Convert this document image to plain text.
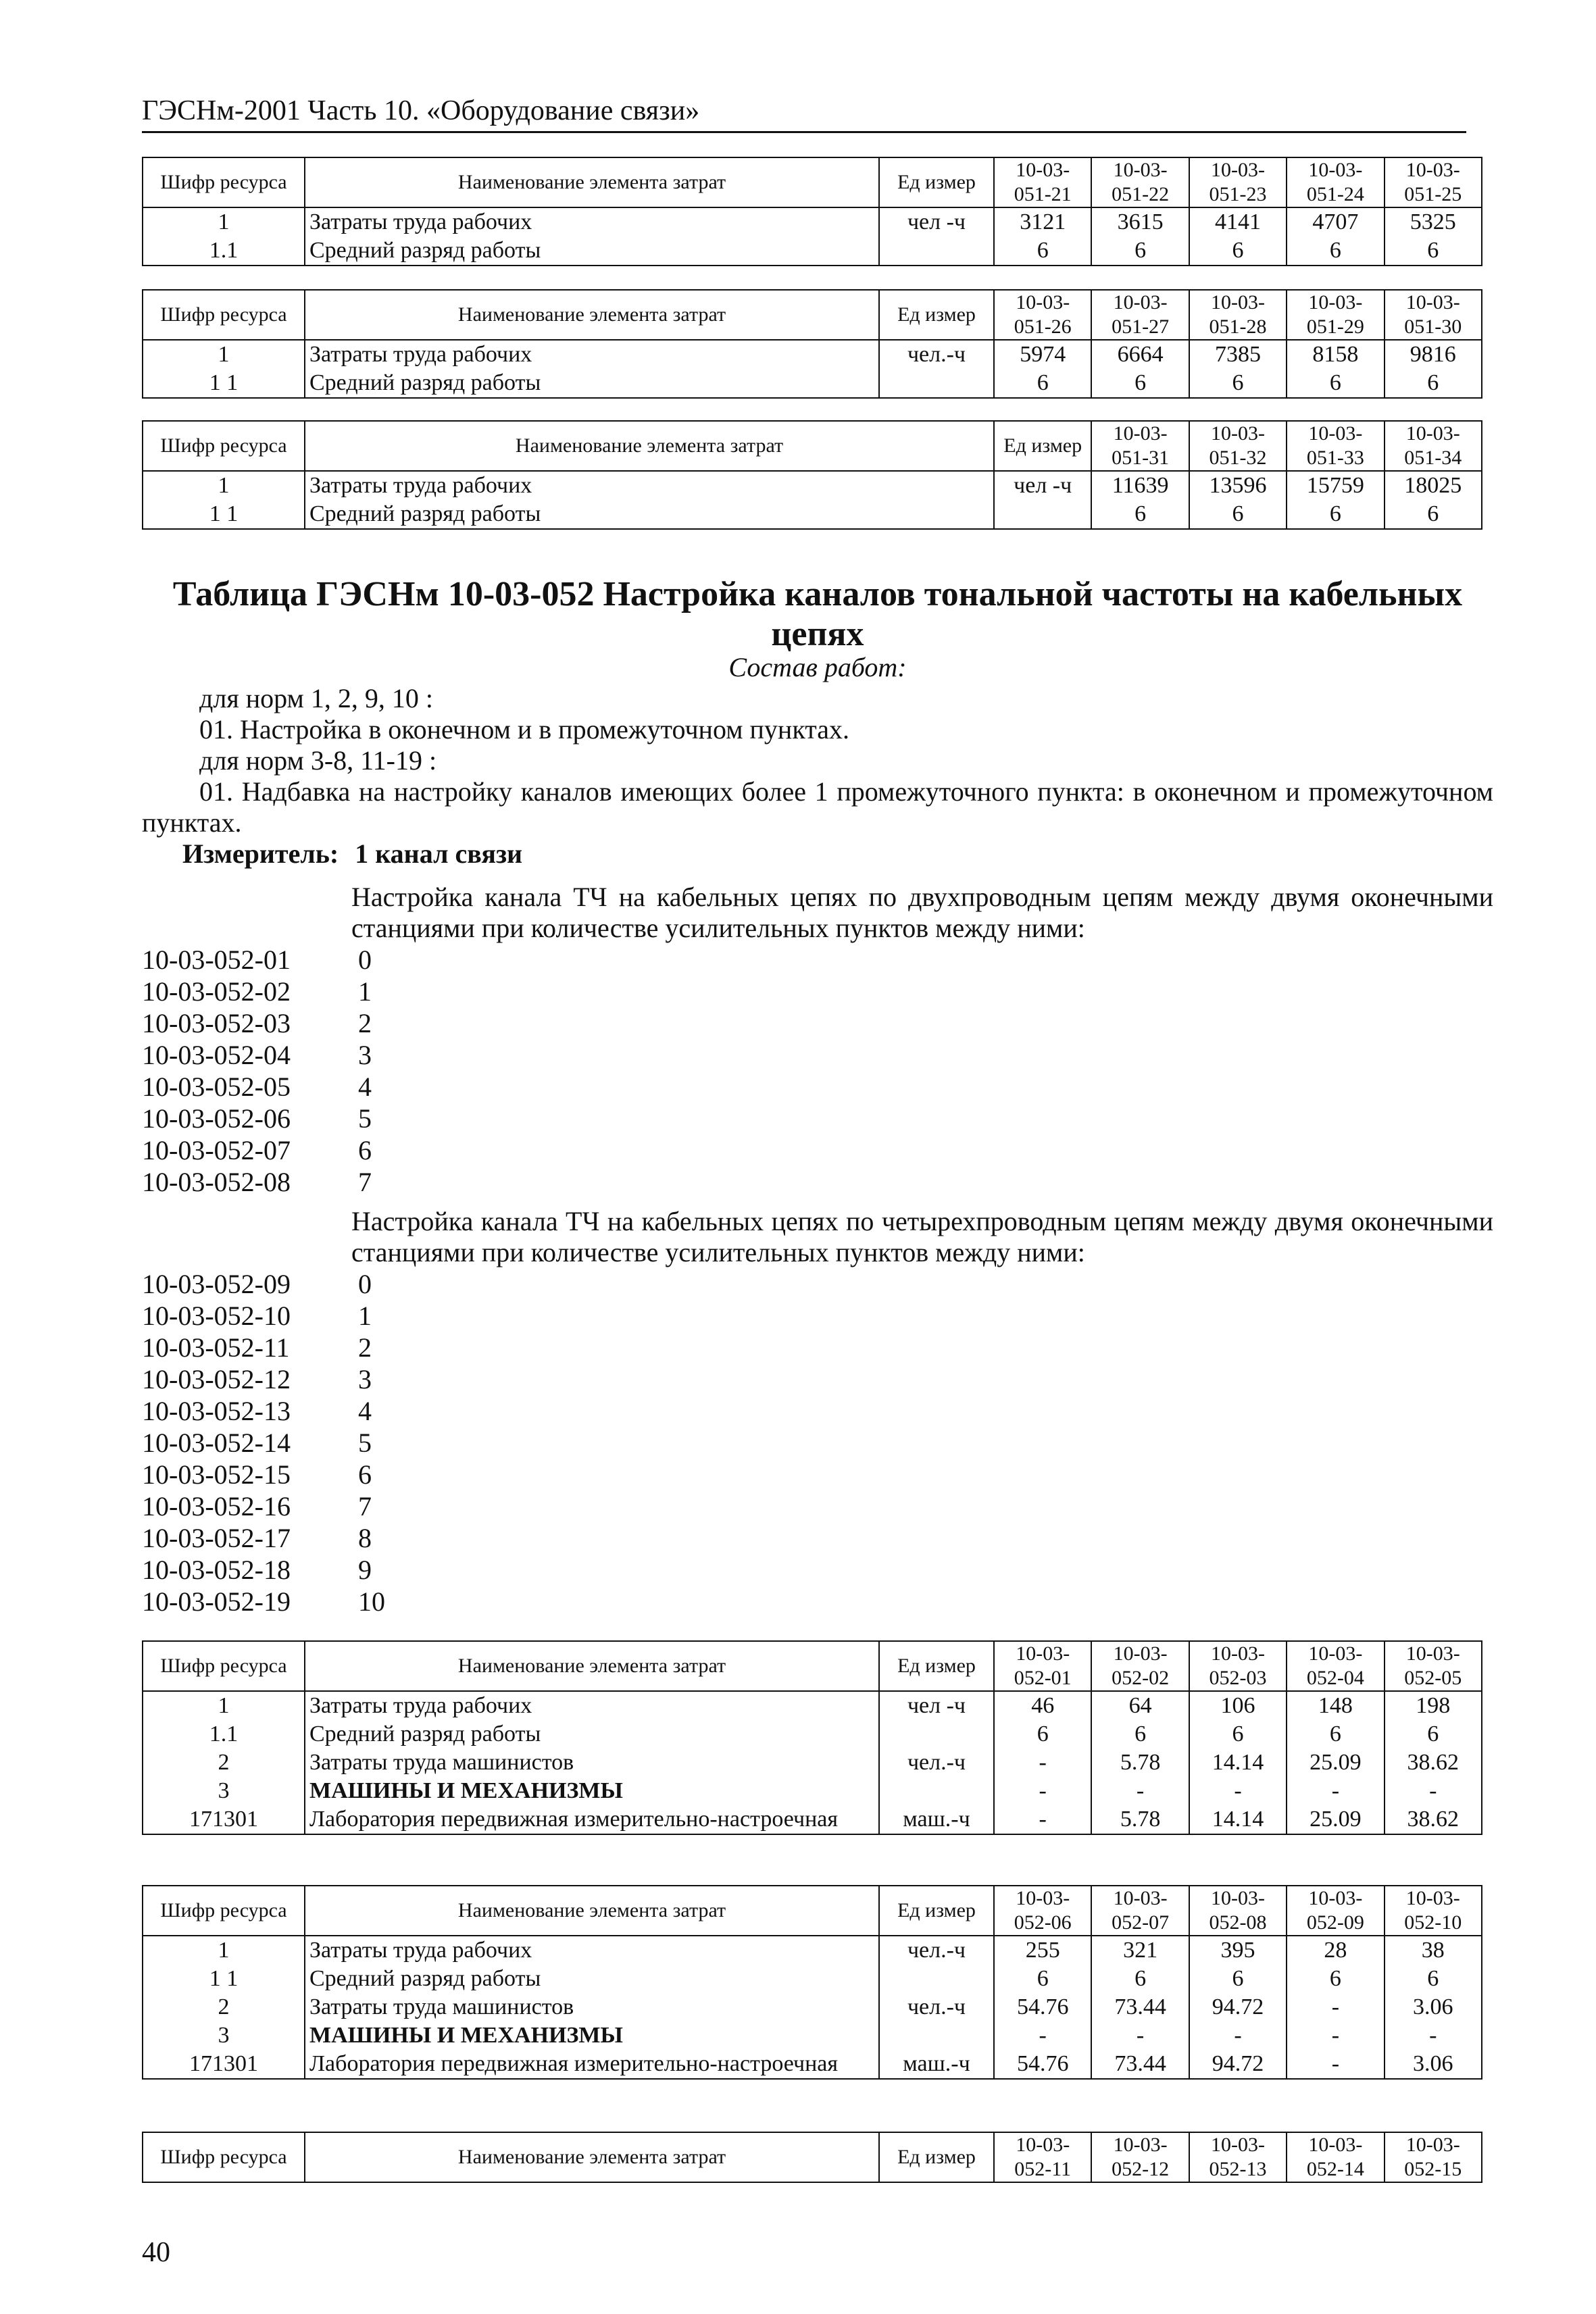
ГЭСНм-2001 Часть 10. «Оборудование связи»
Шифр ресурса	Наименование элемента затрат	Ед измер	10-03-051-21	10-03-051-22	10-03-051-23	10-03-051-24	10-03-051-25
1	Затраты труда рабочих	чел -ч	3121	3615	4141	4707	5325
1.1	Средний разряд работы		6	6	6	6	6
Шифр ресурса	Наименование элемента затрат	Ед измер	10-03-051-26	10-03-051-27	10-03-051-28	10-03-051-29	10-03-051-30
1	Затраты труда рабочих	чел.-ч	5974	6664	7385	8158	9816
1 1	Средний разряд работы		6	6	6	6	6
Шифр ресурса	Наименование элемента затрат	Ед измер	10-03-051-31	10-03-051-32	10-03-051-33	10-03-051-34
1	Затраты труда рабочих	чел -ч	11639	13596	15759	18025
1 1	Средний разряд работы		6	6	6	6
Таблица ГЭСНм 10-03-052 Настройка каналов тональной частоты на кабельных цепях
Состав работ:
для норм 1, 2, 9, 10 :
01. Настройка в оконечном и в промежуточном пунктах.
для норм 3-8, 11-19 :
01. Надбавка на настройку каналов имеющих более 1 промежуточного пункта: в оконечном и промежуточном пунктах.
Измеритель: 1 канал связи
Настройка канала ТЧ на кабельных цепях по двухпроводным цепям между двумя оконечными станциями при количестве усилительных пунктов между ними:
10-03-052-01	0
10-03-052-02	1
10-03-052-03	2
10-03-052-04	3
10-03-052-05	4
10-03-052-06	5
10-03-052-07	6
10-03-052-08	7
Настройка канала ТЧ на кабельных цепях по четырехпроводным цепям между двумя оконечными станциями при количестве усилительных пунктов между ними:
10-03-052-09	0
10-03-052-10	1
10-03-052-11	2
10-03-052-12	3
10-03-052-13	4
10-03-052-14	5
10-03-052-15	6
10-03-052-16	7
10-03-052-17	8
10-03-052-18	9
10-03-052-19	10
Шифр ресурса	Наименование элемента затрат	Ед измер	10-03-052-01	10-03-052-02	10-03-052-03	10-03-052-04	10-03-052-05
1	Затраты труда рабочих	чел -ч	46	64	106	148	198
1.1	Средний разряд работы		6	6	6	6	6
2	Затраты труда машинистов	чел.-ч	-	5.78	14.14	25.09	38.62
3	МАШИНЫ И МЕХАНИЗМЫ		-	-	-	-	-
171301	Лаборатория передвижная измерительно-настроечная	маш.-ч	-	5.78	14.14	25.09	38.62
Шифр ресурса	Наименование элемента затрат	Ед измер	10-03-052-06	10-03-052-07	10-03-052-08	10-03-052-09	10-03-052-10
1	Затраты труда рабочих	чел.-ч	255	321	395	28	38
1 1	Средний разряд работы		6	6	6	6	6
2	Затраты труда машинистов	чел.-ч	54.76	73.44	94.72	-	3.06
3	МАШИНЫ И МЕХАНИЗМЫ		-	-	-	-	-
171301	Лаборатория передвижная измерительно-настроечная	маш.-ч	54.76	73.44	94.72	-	3.06
Шифр ресурса	Наименование элемента затрат	Ед измер	10-03-052-11	10-03-052-12	10-03-052-13	10-03-052-14	10-03-052-15
40
